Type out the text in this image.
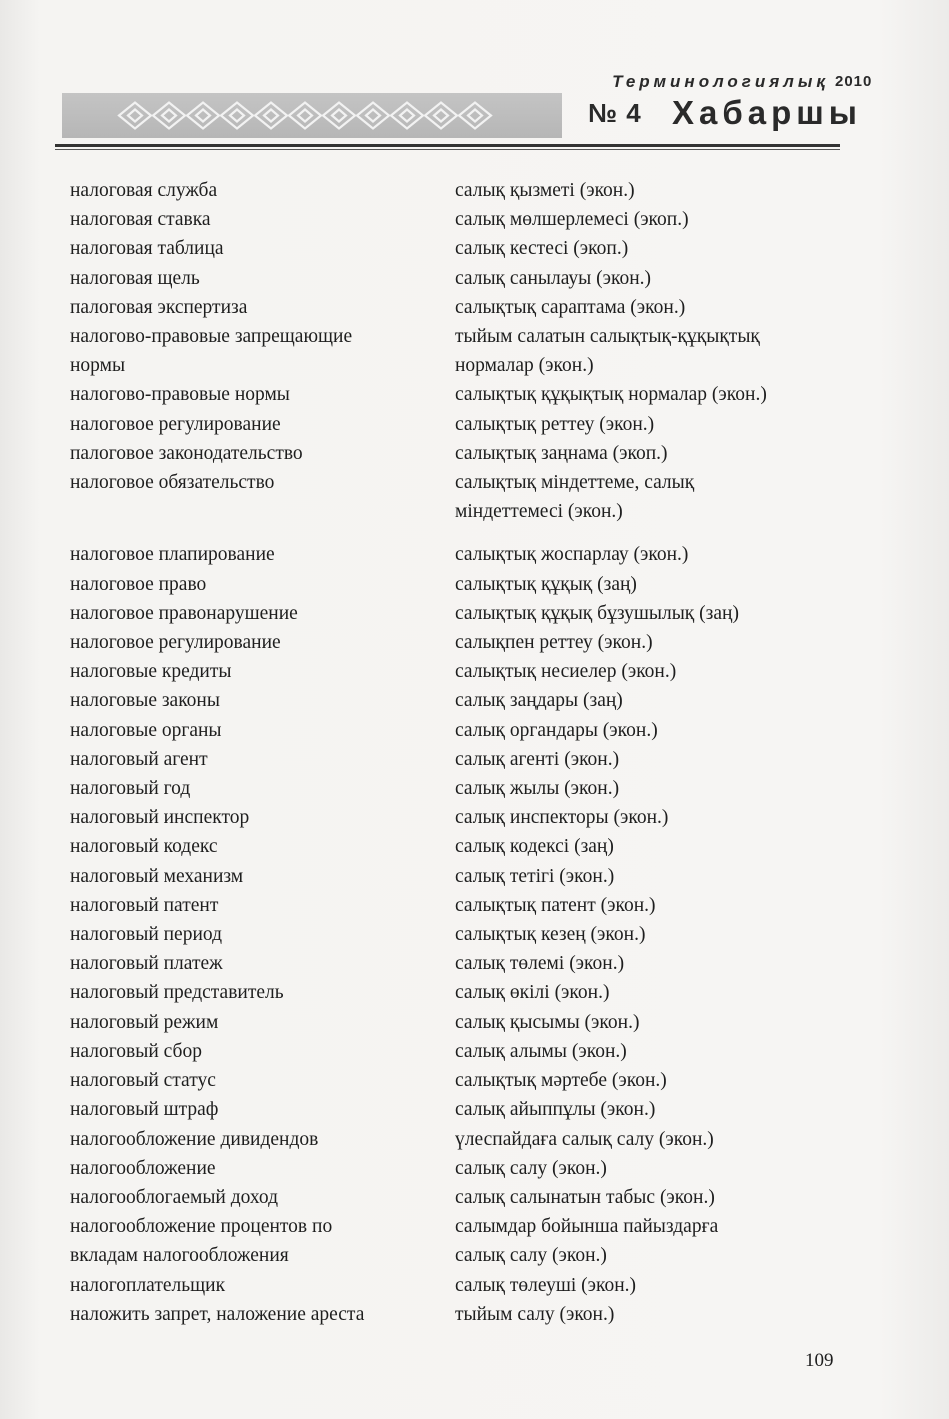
Терминологиялық 2010
№ 4 Хабаршы
налоговая служба	салық қызметі (экон.)
налоговая ставка	салық мөлшерлемесі (экоп.)
налоговая таблица	салық кестесі (экоп.)
налоговая щель	салық санылауы (экон.)
палоговая экспертиза	салықтық сараптама (экон.)
налогово-правовые запрещающие	тыйым салатын салықтық-құқықтық
нормы	нормалар (экон.)
налогово-правовые нормы	салықтық құқықтық нормалар (экон.)
налоговое регулирование	салықтық реттеу (экон.)
палоговое законодательство	салықтық заңнама (экоп.)
налоговое обязательство	салықтық міндеттеме, салық
міндеттемесі (экон.)
налоговое плапирование	салықтық жоспарлау (экон.)
налоговое право	салықтық құқық (заң)
налоговое правонарушение	салықтық құқық бұзушылық (заң)
налоговое регулирование	салықпен реттеу (экон.)
налоговые кредиты	салықтық несиелер (экон.)
налоговые законы	салық заңдары (заң)
налоговые органы	салық органдары (экон.)
налоговый агент	салық агенті (экон.)
налоговый год	салық жылы (экон.)
налоговый инспектор	салық инспекторы (экон.)
налоговый кодекс	салық кодексі (заң)
налоговый механизм	салық тетігі (экон.)
налоговый патент	салықтық патент (экон.)
налоговый период	салықтық кезең (экон.)
налоговый платеж	салық төлемі (экон.)
налоговый представитель	салық өкілі (экон.)
налоговый режим	салық қысымы (экон.)
налоговый сбор	салық алымы (экон.)
налоговый статус	салықтық мәртебе (экон.)
налоговый штраф	салық айыппұлы (экон.)
налогообложение дивидендов	үлеспайдаға салық салу (экон.)
налогообложение	салық салу (экон.)
налогооблогаемый доход	салық салынатын табыс (экон.)
налогообложение процентов по	салымдар бойынша пайыздарға
вкладам налогообложения	салық салу (экон.)
налогоплательщик	салық төлеуші (экон.)
наложить запрет, наложение ареста	тыйым салу (экон.)
109
